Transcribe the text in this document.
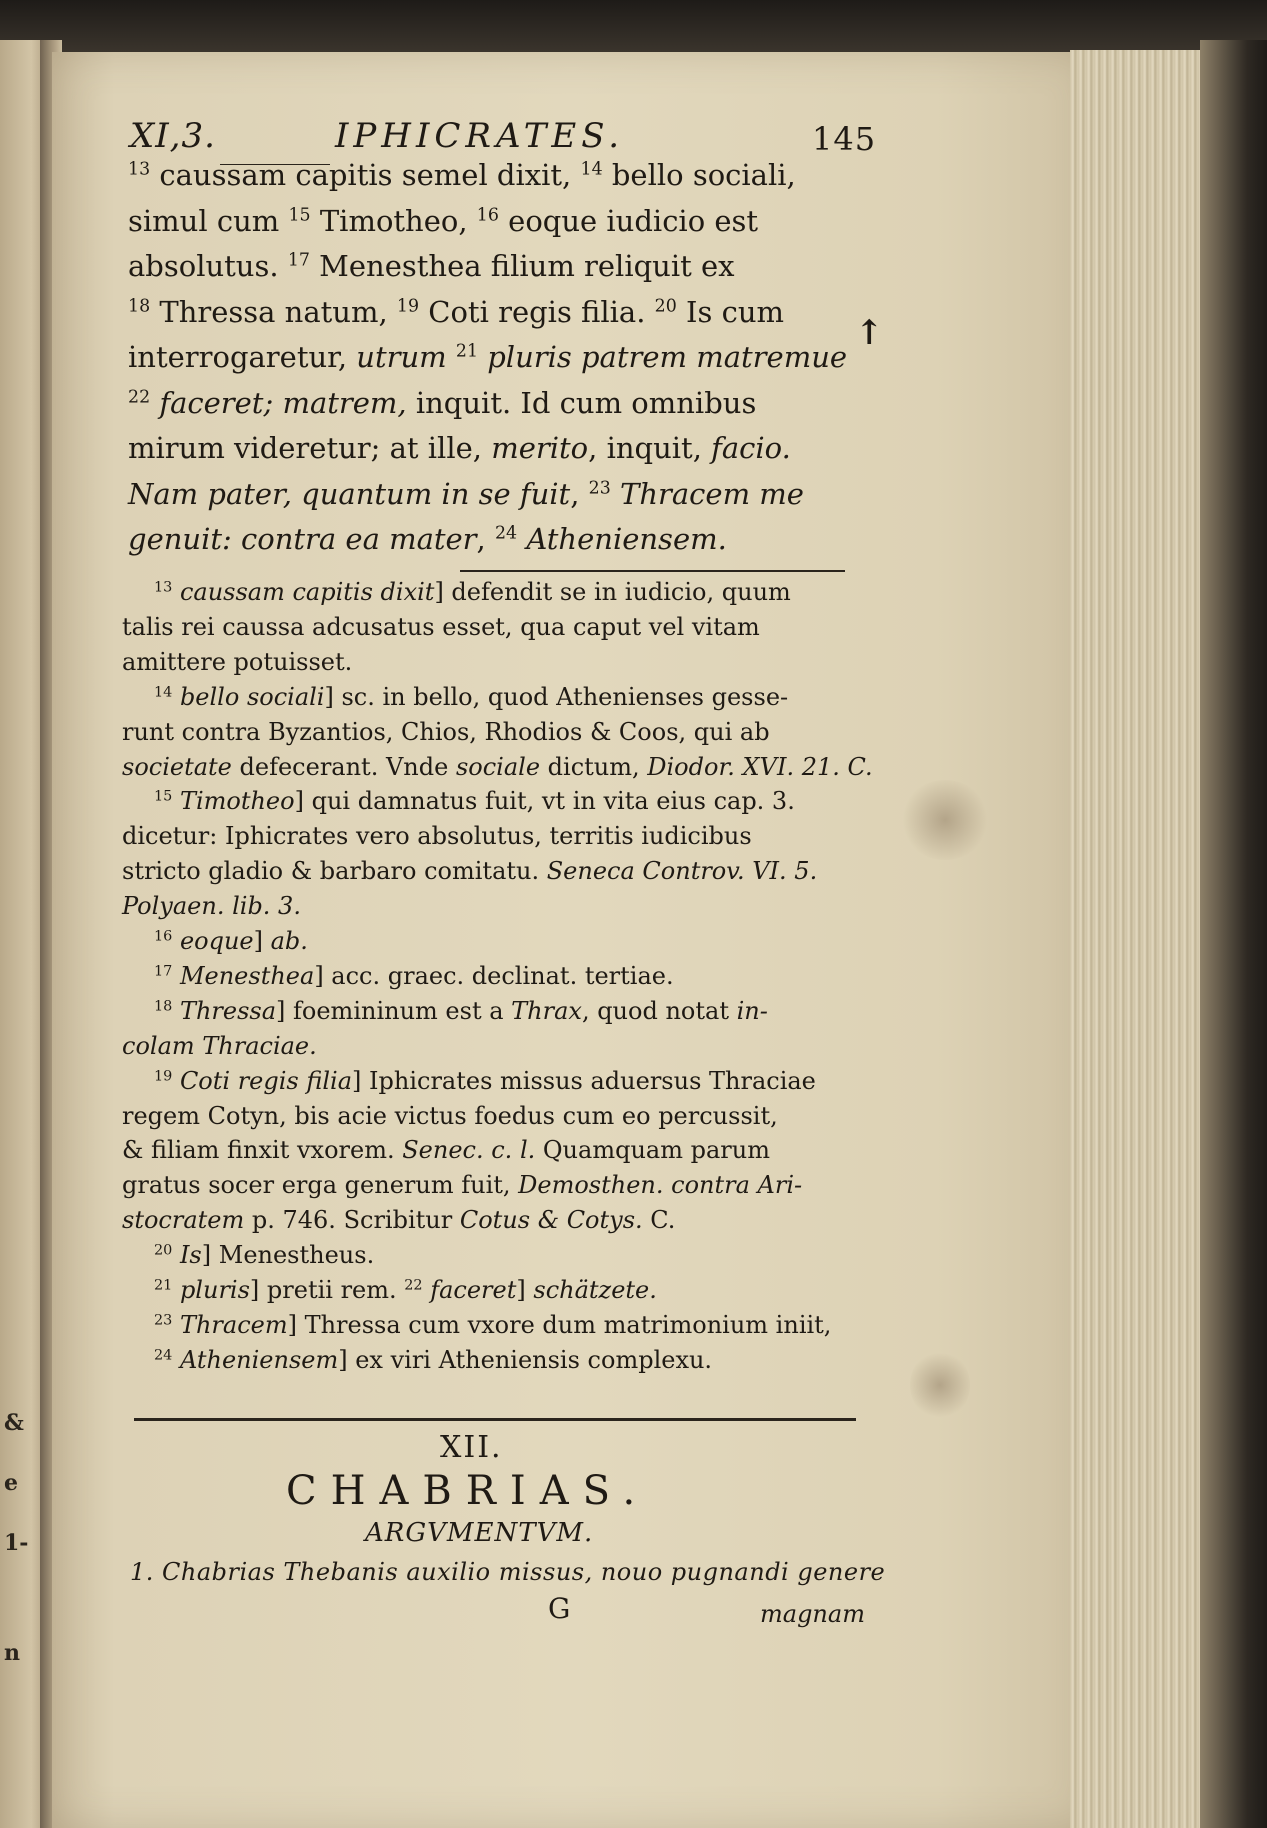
XI,3.	IPHICRATES.	145
$^{13}$ caussam capitis semel dixit, $^{14}$ bello sociali,
simul cum $^{15}$ Timotheo, $^{16}$ eoque iudicio est
absolutus. $^{17}$ Menesthea filium reliquit ex
$^{18}$ Thressa natum, $^{19}$ Coti regis filia. $^{20}$ Is cum
interrogaretur, utrum $^{21}$ pluris patrem matremue
$^{22}$ faceret; matrem, inquit. Id cum omnibus
mirum videretur; at ille, merito, inquit, facio.
Nam pater, quantum in se fuit, $^{23}$ Thracem me
genuit: contra ea mater, $^{24}$ Atheniensem.
$^{13}$ caussam capitis dixit] defendit se in iudicio, quum
talis rei caussa adcusatus esset, qua caput vel vitam
amittere potuisset.
$^{14}$ bello sociali] sc. in bello, quod Athenienses gesse-
runt contra Byzantios, Chios, Rhodios & Coos, qui ab
societate defecerant. Vnde sociale dictum, Diodor. XVI. 21. C.
$^{15}$ Timotheo] qui damnatus fuit, vt in vita eius cap. 3.
dicetur: Iphicrates vero absolutus, territis iudicibus
stricto gladio & barbaro comitatu. Seneca Controv. VI. 5.
Polyaen. lib. 3.
$^{16}$ eoque] ab.
$^{17}$ Menesthea] acc. graec. declinat. tertiae.
$^{18}$ Thressa] foemininum est a Thrax, quod notat in-
colam Thraciae.
$^{19}$ Coti regis filia] Iphicrates missus aduersus Thraciae
regem Cotyn, bis acie victus foedus cum eo percussit,
& filiam finxit vxorem. Senec. c. l. Quamquam parum
gratus socer erga generum fuit, Demosthen. contra Ari-
stocratem p. 746. Scribitur Cotus & Cotys. C.
$^{20}$ Is] Menestheus.
$^{21}$ pluris] pretii rem. $^{22}$ faceret] schätzete.
$^{23}$ Thracem] Thressa cum vxore dum matrimonium iniit,
$^{24}$ Atheniensem] ex viri Atheniensis complexu.
XII.
CHABRIAS.
ARGVMENTVM.
1. Chabrias Thebanis auxilio missus, nouo pugnandi genere
G	magnam
↑
&
e
1-
n
